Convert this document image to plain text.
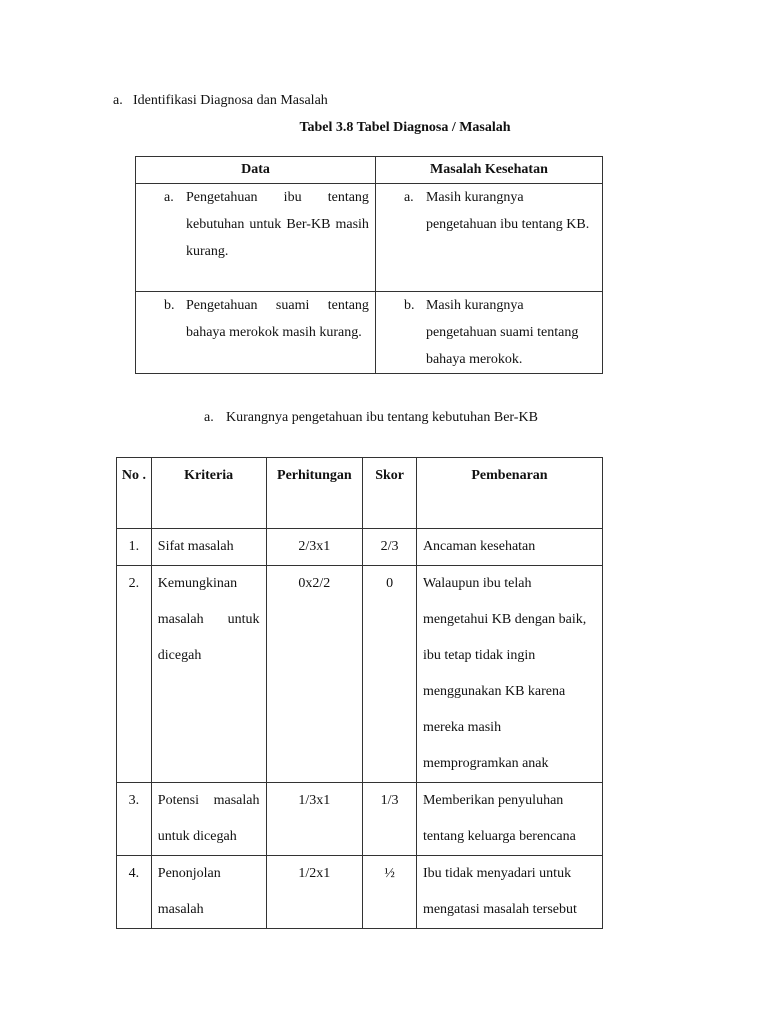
a. Identifikasi Diagnosa dan Masalah
Tabel 3.8 Tabel Diagnosa / Masalah
Data	Masalah Kesehatan

a. Pengetahuan ibu tentang kebutuhan untuk Ber-KB masih kurang.	a. Masih kurangnya pengetahuan ibu tentang KB.

b. Pengetahuan suami tentang bahaya merokok masih kurang.	b. Masih kurangnya pengetahuan suami tentang bahaya merokok.
a. Kurangnya pengetahuan ibu tentang kebutuhan Ber-KB
No .	Kriteria	Perhitungan	Skor	Pembenaran
1.	Sifat masalah	2/3x1	2/3	Ancaman kesehatan
2.	Kemungkinan masalah untuk dicegah	0x2/2	0	Walaupun ibu telah mengetahui KB dengan baik, ibu tetap tidak ingin menggunakan KB karena mereka masih memprogramkan anak
3.	Potensi masalah untuk dicegah	1/3x1	1/3	Memberikan penyuluhan tentang keluarga berencana
4.	Penonjolan masalah	1/2x1	½	Ibu tidak menyadari untuk mengatasi masalah tersebut
